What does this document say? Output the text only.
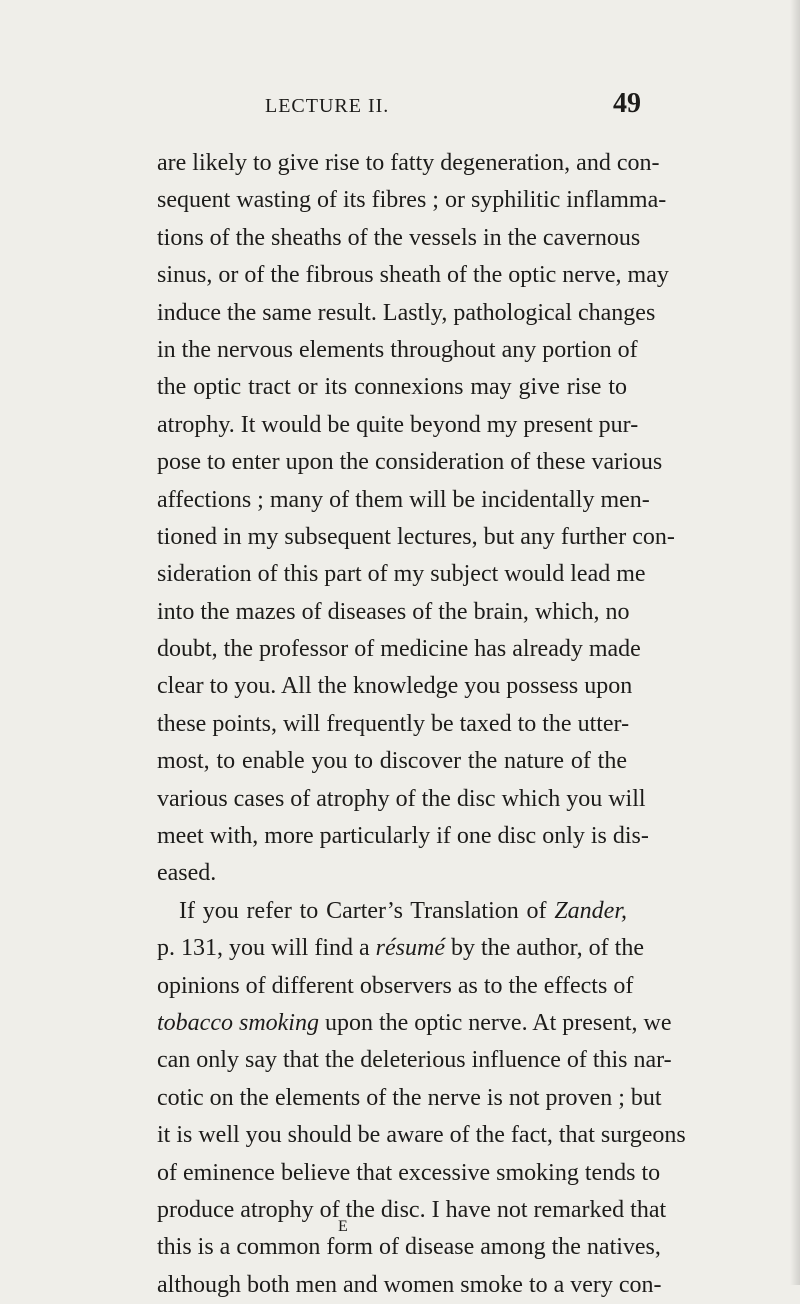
LECTURE II.	49
are likely to give rise to fatty degeneration, and con-
sequent wasting of its fibres ; or syphilitic inflamma-
tions of the sheaths of the vessels in the cavernous
sinus, or of the fibrous sheath of the optic nerve, may
induce the same result. Lastly, pathological changes
in the nervous elements throughout any portion of
the optic tract or its connexions may give rise to
atrophy. It would be quite beyond my present pur-
pose to enter upon the consideration of these various
affections ; many of them will be incidentally men-
tioned in my subsequent lectures, but any further con-
sideration of this part of my subject would lead me
into the mazes of diseases of the brain, which, no
doubt, the professor of medicine has already made
clear to you. All the knowledge you possess upon
these points, will frequently be taxed to the utter-
most, to enable you to discover the nature of the
various cases of atrophy of the disc which you will
meet with, more particularly if one disc only is dis-
eased.
If you refer to Carter’s Translation of Zander,
p. 131, you will find a résumé by the author, of the
opinions of different observers as to the effects of
tobacco smoking upon the optic nerve. At present, we
can only say that the deleterious influence of this nar-
cotic on the elements of the nerve is not proven ; but
it is well you should be aware of the fact, that surgeons
of eminence believe that excessive smoking tends to
produce atrophy of the disc. I have not remarked that
this is a common form of disease among the natives,
although both men and women smoke to a very con-
E
